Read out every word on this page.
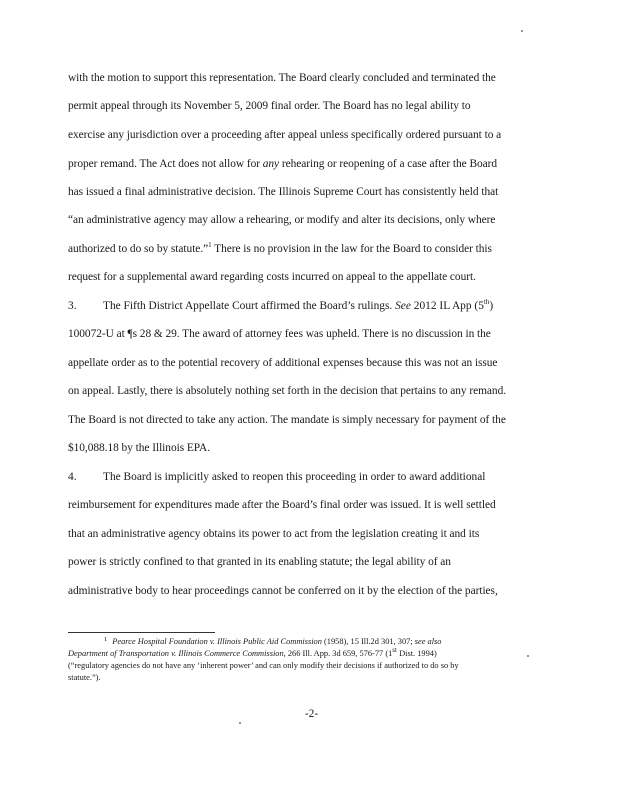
with the motion to support this representation. The Board clearly concluded and terminated the
permit appeal through its November 5, 2009 final order. The Board has no legal ability to
exercise any jurisdiction over a proceeding after appeal unless specifically ordered pursuant to a
proper remand. The Act does not allow for any rehearing or reopening of a case after the Board
has issued a final administrative decision. The Illinois Supreme Court has consistently held that
“an administrative agency may allow a rehearing, or modify and alter its decisions, only where
authorized to do so by statute.”$^1$ There is no provision in the law for the Board to consider this
request for a supplemental award regarding costs incurred on appeal to the appellate court.
3. The Fifth District Appellate Court affirmed the Board’s rulings. See 2012 IL App (5th)
100072-U at ¶s 28 & 29. The award of attorney fees was upheld. There is no discussion in the
appellate order as to the potential recovery of additional expenses because this was not an issue
on appeal. Lastly, there is absolutely nothing set forth in the decision that pertains to any remand.
The Board is not directed to take any action. The mandate is simply necessary for payment of the
$10,088.18 by the Illinois EPA.
4. The Board is implicitly asked to reopen this proceeding in order to award additional
reimbursement for expenditures made after the Board’s final order was issued. It is well settled
that an administrative agency obtains its power to act from the legislation creating it and its
power is strictly confined to that granted in its enabling statute; the legal ability of an
administrative body to hear proceedings cannot be conferred on it by the election of the parties,
$^1$ Pearce Hospital Foundation v. Illinois Public Aid Commission (1958), 15 Ill.2d 301, 307; see also
Department of Transportation v. Illinois Commerce Commission, 266 Ill. App. 3d 659, 576-77 (1st Dist. 1994)
(“regulatory agencies do not have any ‘inherent power’ and can only modify their decisions if authorized to do so by
statute.”).
-2-
